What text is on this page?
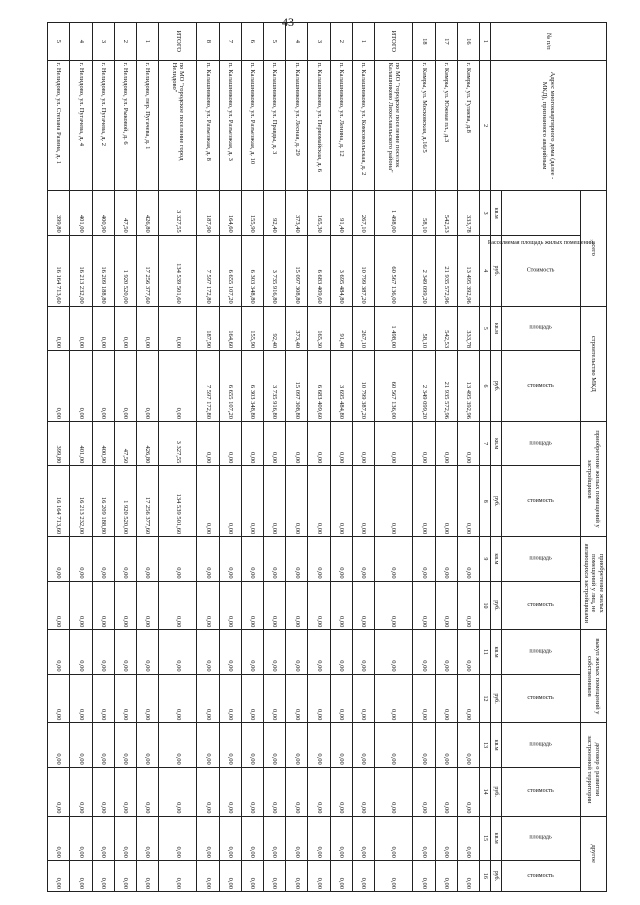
43
№ п/п	Адрес многоквартирного дома (далее - МКД), признанного аварийным	всего		строительство МКД		приобретение жилых помещений у застройщиков		приобретение жилых помещений у лиц, не являющихся застройщиками		выкуп жилых помещений у собственников		договор о развитии застроенной территории		другое	
		Расселяемая площадь жилых помещений	Стоимость	площадь	стоимость	площадь	стоимость	площадь	стоимость	площадь	стоимость	площадь	стоимость	площадь	стоимость
		кв.м	руб.	кв.м	руб.	кв.м	руб.	кв.м	руб.	кв.м	руб.	кв.м	руб.	кв.м	руб.
1	2	3	4	5	6	7	8	9	10	11	12	13	14	15	16
16	г. Кимры, ул. Гуляєва, д.8	333,78	13 495 392,96	333,78	13 495 392,96	0,00	0,00	0,00	0,00	0,00	0,00	0,00	0,00	0,00	0,00
17	г. Кимры, ул. Южная пл., д.3	542,53	21 935 572,96	542,53	21 935 572,96	0,00	0,00	0,00	0,00	0,00	0,00	0,00	0,00	0,00	0,00
18	г. Кимры, ул. Московская, д.16/5	58,10	2 349 099,20	58,10	2 349 099,20	0,00	0,00	0,00	0,00	0,00	0,00	0,00	0,00	0,00	0,00
ИТОГО	по МО "городское поселение поселок Калашниково Лихославльского района"	1 498,00	60 567 136,00	1 498,00	60 567 136,00	0,00	0,00	0,00	0,00	0,00	0,00	0,00	0,00	0,00	0,00
1	п. Калашниково, ул. Комсомольская, д. 2	267,10	10 799 387,20	267,10	10 799 387,20	0,00	0,00	0,00	0,00	0,00	0,00	0,00	0,00	0,00	0,00
2	п. Калашниково, ул. Ленина, д. 12	91,40	3 695 484,80	91,40	3 695 484,80	0,00	0,00	0,00	0,00	0,00	0,00	0,00	0,00	0,00	0,00
3	п. Калашниково, ул. Первомайская, д. 6	165,30	6 683 409,60	165,30	6 683 409,60	0,00	0,00	0,00	0,00	0,00	0,00	0,00	0,00	0,00	0,00
4	п. Калашниково, ул. Лесная, д. 29	373,40	15 097 308,80	373,40	15 097 308,80	0,00	0,00	0,00	0,00	0,00	0,00	0,00	0,00	0,00	0,00
5	п. Калашниково, ул. Правды, д. 3	92,40	3 735 916,80	92,40	3 735 916,80	0,00	0,00	0,00	0,00	0,00	0,00	0,00	0,00	0,00	0,00
6	п. Калашниково, ул. Разъезжая, д. 10	155,90	6 303 348,80	155,90	6 303 348,80	0,00	0,00	0,00	0,00	0,00	0,00	0,00	0,00	0,00	0,00
7	п. Калашниково, ул. Разъезжая, д. 3	164,60	6 655 107,20	164,60	6 655 107,20	0,00	0,00	0,00	0,00	0,00	0,00	0,00	0,00	0,00	0,00
8	п. Калашниково, ул. Разъезжая, д. 8	187,90	7 597 172,80	187,90	7 597 172,80	0,00	0,00	0,00	0,00	0,00	0,00	0,00	0,00	0,00	0,00
ИТОГО	по МО "городское поселение город Нелидово"	3 327,55	134 539 501,60	0,00	0,00	3 327,55	134 539 501,60	0,00	0,00	0,00	0,00	0,00	0,00	0,00	0,00
1	г. Нелидово, пер. Пугачева, д. 1	426,80	17 256 377,60	0,00	0,00	426,80	17 256 377,60	0,00	0,00	0,00	0,00	0,00	0,00	0,00	0,00
2	г. Нелидово, ул. Рыковой, д. 6	47,50	1 920 520,00	0,00	0,00	47,50	1 920 520,00	0,00	0,00	0,00	0,00	0,00	0,00	0,00	0,00
3	г. Нелидово, ул. Пугачева, д. 2	400,90	16 209 188,80	0,00	0,00	400,90	16 209 188,80	0,00	0,00	0,00	0,00	0,00	0,00	0,00	0,00
4	г. Нелидово, ул. Пугачева, д. 4	401,00	16 213 232,00	0,00	0,00	401,00	16 213 232,00	0,00	0,00	0,00	0,00	0,00	0,00	0,00	0,00
5	г. Нелидово, ул. Степана Разина, д. 1	399,80	16 164 713,60	0,00	0,00	399,80	16 164 713,60	0,00	0,00	0,00	0,00	0,00	0,00	0,00	0,00
